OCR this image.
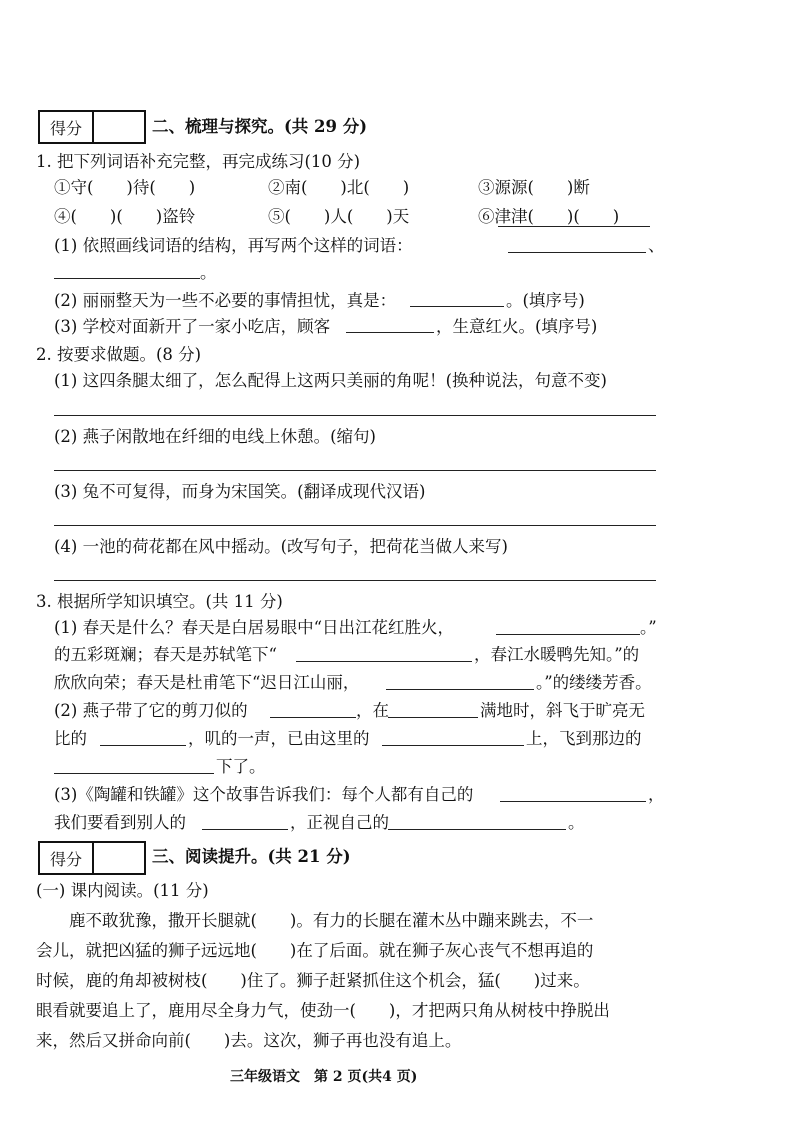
得分	二、梳理与探究。(共 29 分)
1. 把下列词语补充完整，再完成练习(10 分)
①守(　　)待(　　)	②南(　　)北(　　)	③源源(　　)断
④(　　)(　　)盗铃	⑤(　　)人(　　)天	⑥津津(　　)(　　)
(1) 依照画线词语的结构，再写两个这样的词语：	、
。
(2) 丽丽整天为一些不必要的事情担忧，真是：	。(填序号)
(3) 学校对面新开了一家小吃店，顾客	，生意红火。(填序号)
2. 按要求做题。(8 分)
(1) 这四条腿太细了，怎么配得上这两只美丽的角呢！(换种说法，句意不变)
(2) 燕子闲散地在纤细的电线上休憩。(缩句)
(3) 兔不可复得，而身为宋国笑。(翻译成现代汉语)
(4) 一池的荷花都在风中摇动。(改写句子，把荷花当做人来写)
3. 根据所学知识填空。(共 11 分)
(1) 春天是什么？春天是白居易眼中“日出江花红胜火，	。”
的五彩斑斓；春天是苏轼笔下“	，春江水暖鸭先知。”的
欣欣向荣；春天是杜甫笔下“迟日江山丽，	。”的缕缕芳香。
(2) 燕子带了它的剪刀似的	，在	满地时，斜飞于旷亮无
比的	，叽的一声，已由这里的	上，飞到那边的
下了。
(3)《陶罐和铁罐》这个故事告诉我们：每个人都有自己的	，
我们要看到别人的	，正视自己的	。
得分	三、阅读提升。(共 21 分)
(一) 课内阅读。(11 分)
　　鹿不敢犹豫，撒开长腿就(　　)。有力的长腿在灌木丛中蹦来跳去，不一
会儿，就把凶猛的狮子远远地(　　)在了后面。就在狮子灰心丧气不想再追的
时候，鹿的角却被树枝(　　)住了。狮子赶紧抓住这个机会，猛(　　)过来。
眼看就要追上了，鹿用尽全身力气，使劲一(　　)，才把两只角从树枝中挣脱出
来，然后又拼命向前(　　)去。这次，狮子再也没有追上。
三年级语文　第 2 页(共4 页)
